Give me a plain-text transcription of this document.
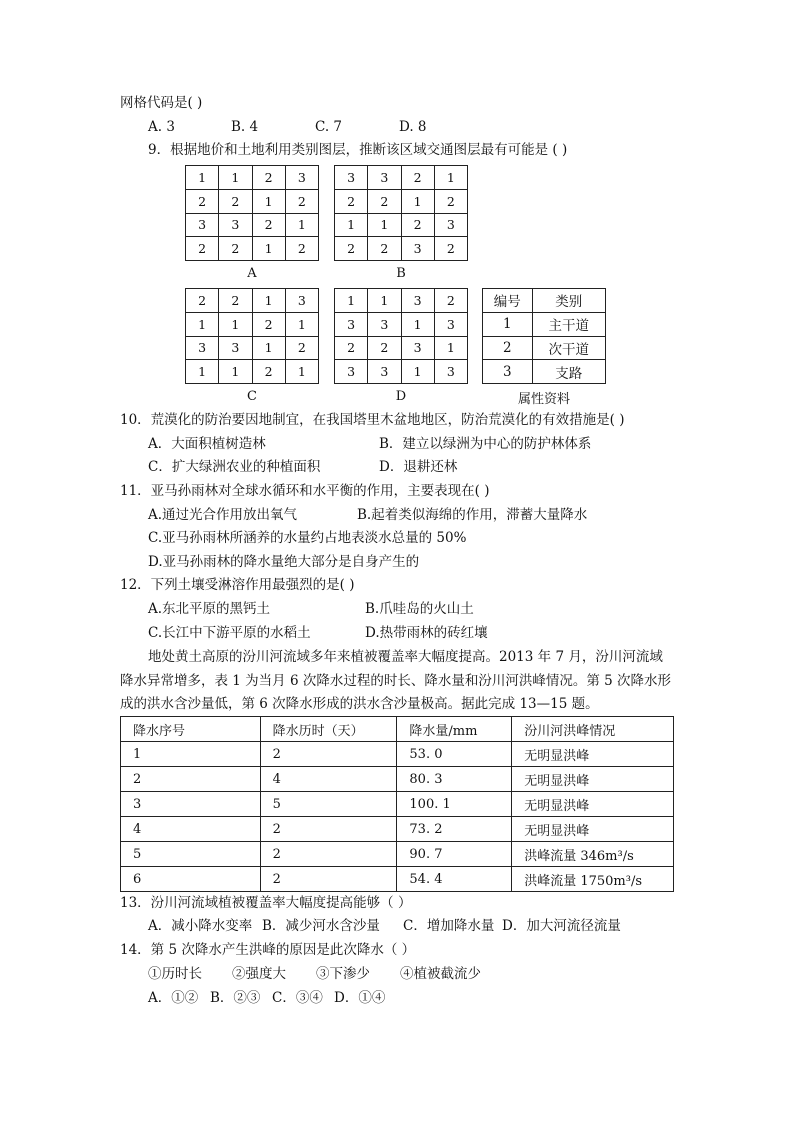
网格代码是( )
A. 3	B. 4	C. 7	D. 8
9．根据地价和土地利用类别图层，推断该区域交通图层最有可能是 ( )
1	1	2	3
2	2	1	2
3	3	2	1
2	2	1	2
A
3	3	2	1
2	2	1	2
1	1	2	3
2	2	3	2
B
2	2	1	3
1	1	2	1
3	3	1	2
1	1	2	1
C
1	1	3	2
3	3	1	3
2	2	3	1
3	3	1	3
D
编号	类别
1	主干道
2	次干道
3	支路
属性资料
10．荒漠化的防治要因地制宜，在我国塔里木盆地地区，防治荒漠化的有效措施是( )
A．大面积植树造林	B．建立以绿洲为中心的防护林体系
C．扩大绿洲农业的种植面积	D．退耕还林
11．亚马孙雨林对全球水循环和水平衡的作用，主要表现在( )
A.通过光合作用放出氧气	B.起着类似海绵的作用，滞蓄大量降水
C.亚马孙雨林所涵养的水量约占地表淡水总量的 50%
D.亚马孙雨林的降水量绝大部分是自身产生的
12．下列土壤受淋溶作用最强烈的是( )
A.东北平原的黑钙土	B.爪哇岛的火山土
C.长江中下游平原的水稻土	D.热带雨林的砖红壤
地处黄土高原的汾川河流域多年来植被覆盖率大幅度提高。2013 年 7 月，汾川河流域
降水异常增多，表 1 为当月 6 次降水过程的时长、降水量和汾川河洪峰情况。第 5 次降水形
成的洪水含沙量低，第 6 次降水形成的洪水含沙量极高。据此完成 13—15 题。
降水序号	降水历时（天）	降水量/mm	汾川河洪峰情况
1	2	53. 0	无明显洪峰
2	4	80. 3	无明显洪峰
3	5	100. 1	无明显洪峰
4	2	73. 2	无明显洪峰
5	2	90. 7	洪峰流量 346m³/s
6	2	54. 4	洪峰流量 1750m³/s
13．汾川河流域植被覆盖率大幅度提高能够（ ）
A．减小降水变率 B．减少河水含沙量 C．增加降水量 D．加大河流径流量
14．第 5 次降水产生洪峰的原因是此次降水（ ）
①历时长 ②强度大 ③下渗少 ④植被截流少
A．①② B．②③ C．③④ D．①④
